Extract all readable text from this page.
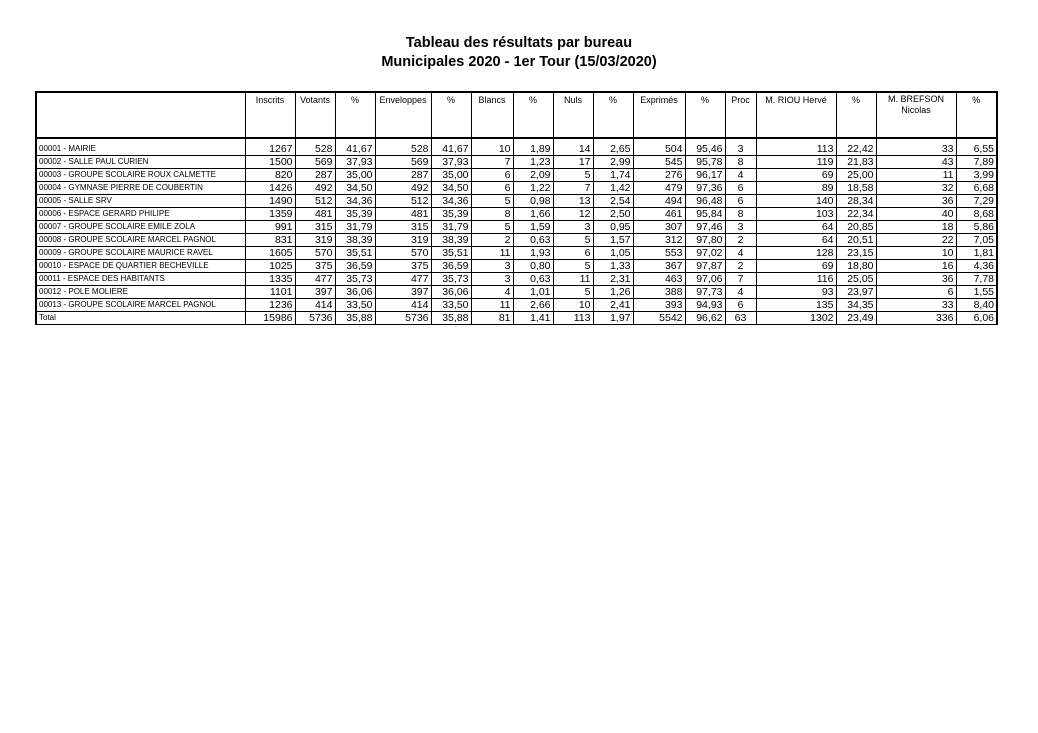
Tableau des résultats par bureau
Municipales 2020 - 1er Tour (15/03/2020)
	Inscrits	Votants	%	Enveloppes	%	Blancs	%	Nuls	%	Exprimés	%	Proc	M. RIOU Hervé	%	M. BREFSON Nicolas	%
00001 - MAIRIE	1267	528	41,67	528	41,67	10	1,89	14	2,65	504	95,46	3	113	22,42	33	6,55
00002 - SALLE PAUL CURIEN	1500	569	37,93	569	37,93	7	1,23	17	2,99	545	95,78	8	119	21,83	43	7,89
00003 - GROUPE SCOLAIRE ROUX CALMETTE	820	287	35,00	287	35,00	6	2,09	5	1,74	276	96,17	4	69	25,00	11	3,99
00004 - GYMNASE PIERRE DE COUBERTIN	1426	492	34,50	492	34,50	6	1,22	7	1,42	479	97,36	6	89	18,58	32	6,68
00005 - SALLE SRV	1490	512	34,36	512	34,36	5	0,98	13	2,54	494	96,48	6	140	28,34	36	7,29
00006 - ESPACE GERARD PHILIPE	1359	481	35,39	481	35,39	8	1,66	12	2,50	461	95,84	8	103	22,34	40	8,68
00007 - GROUPE SCOLAIRE EMILE ZOLA	991	315	31,79	315	31,79	5	1,59	3	0,95	307	97,46	3	64	20,85	18	5,86
00008 - GROUPE SCOLAIRE MARCEL PAGNOL	831	319	38,39	319	38,39	2	0,63	5	1,57	312	97,80	2	64	20,51	22	7,05
00009 - GROUPE SCOLAIRE MAURICE RAVEL	1605	570	35,51	570	35,51	11	1,93	6	1,05	553	97,02	4	128	23,15	10	1,81
00010 - ESPACE DE QUARTIER BECHEVILLE	1025	375	36,59	375	36,59	3	0,80	5	1,33	367	97,87	2	69	18,80	16	4,36
00011 - ESPACE DES HABITANTS	1335	477	35,73	477	35,73	3	0,63	11	2,31	463	97,06	7	116	25,05	36	7,78
00012 - POLE MOLIERE	1101	397	36,06	397	36,06	4	1,01	5	1,26	388	97,73	4	93	23,97	6	1,55
00013 - GROUPE SCOLAIRE MARCEL PAGNOL	1236	414	33,50	414	33,50	11	2,66	10	2,41	393	94,93	6	135	34,35	33	8,40
Total	15986	5736	35,88	5736	35,88	81	1,41	113	1,97	5542	96,62	63	1302	23,49	336	6,06
